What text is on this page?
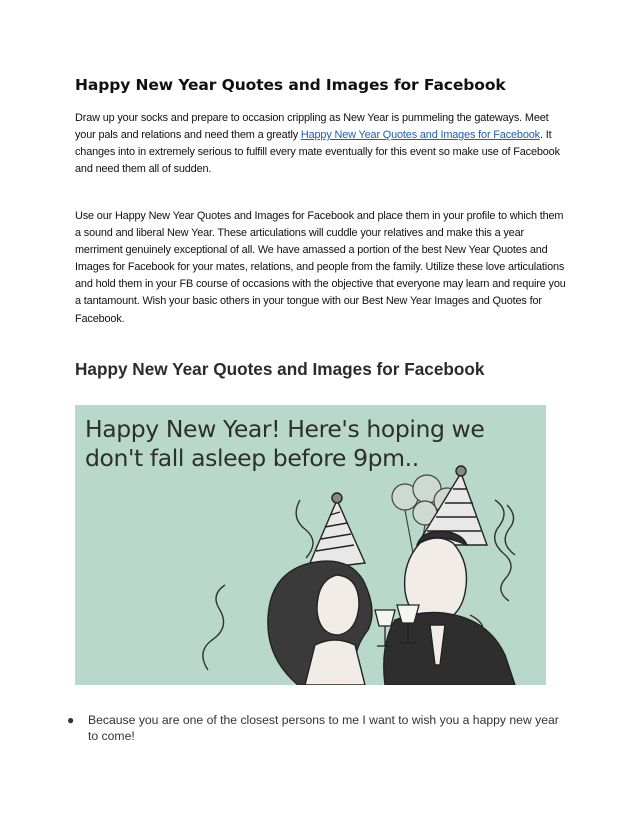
Happy New Year Quotes and Images for Facebook

Draw up your socks and prepare to occasion crippling as New Year is pummeling the gateways. Meet your pals and relations and need them a greatly Happy New Year Quotes and Images for Facebook. It changes into in extremely serious to fulfill every mate eventually for this event so make use of Facebook and need them all of sudden.

Use our Happy New Year Quotes and Images for Facebook and place them in your profile to which them a sound and liberal New Year. These articulations will cuddle your relatives and make this a year merriment genuinely exceptional of all. We have amassed a portion of the best New Year Quotes and Images for Facebook for your mates, relations, and people from the family. Utilize these love articulations and hold them in your FB course of occasions with the objective that everyone may learn and require you a tantamount. Wish your basic others in your tongue with our Best New Year Images and Quotes for Facebook.

Happy New Year Quotes and Images for Facebook

Happy New Year! Here's hoping we don't fall asleep before 9pm..

● Because you are one of the closest persons to me I want to wish you a happy new year to come!
